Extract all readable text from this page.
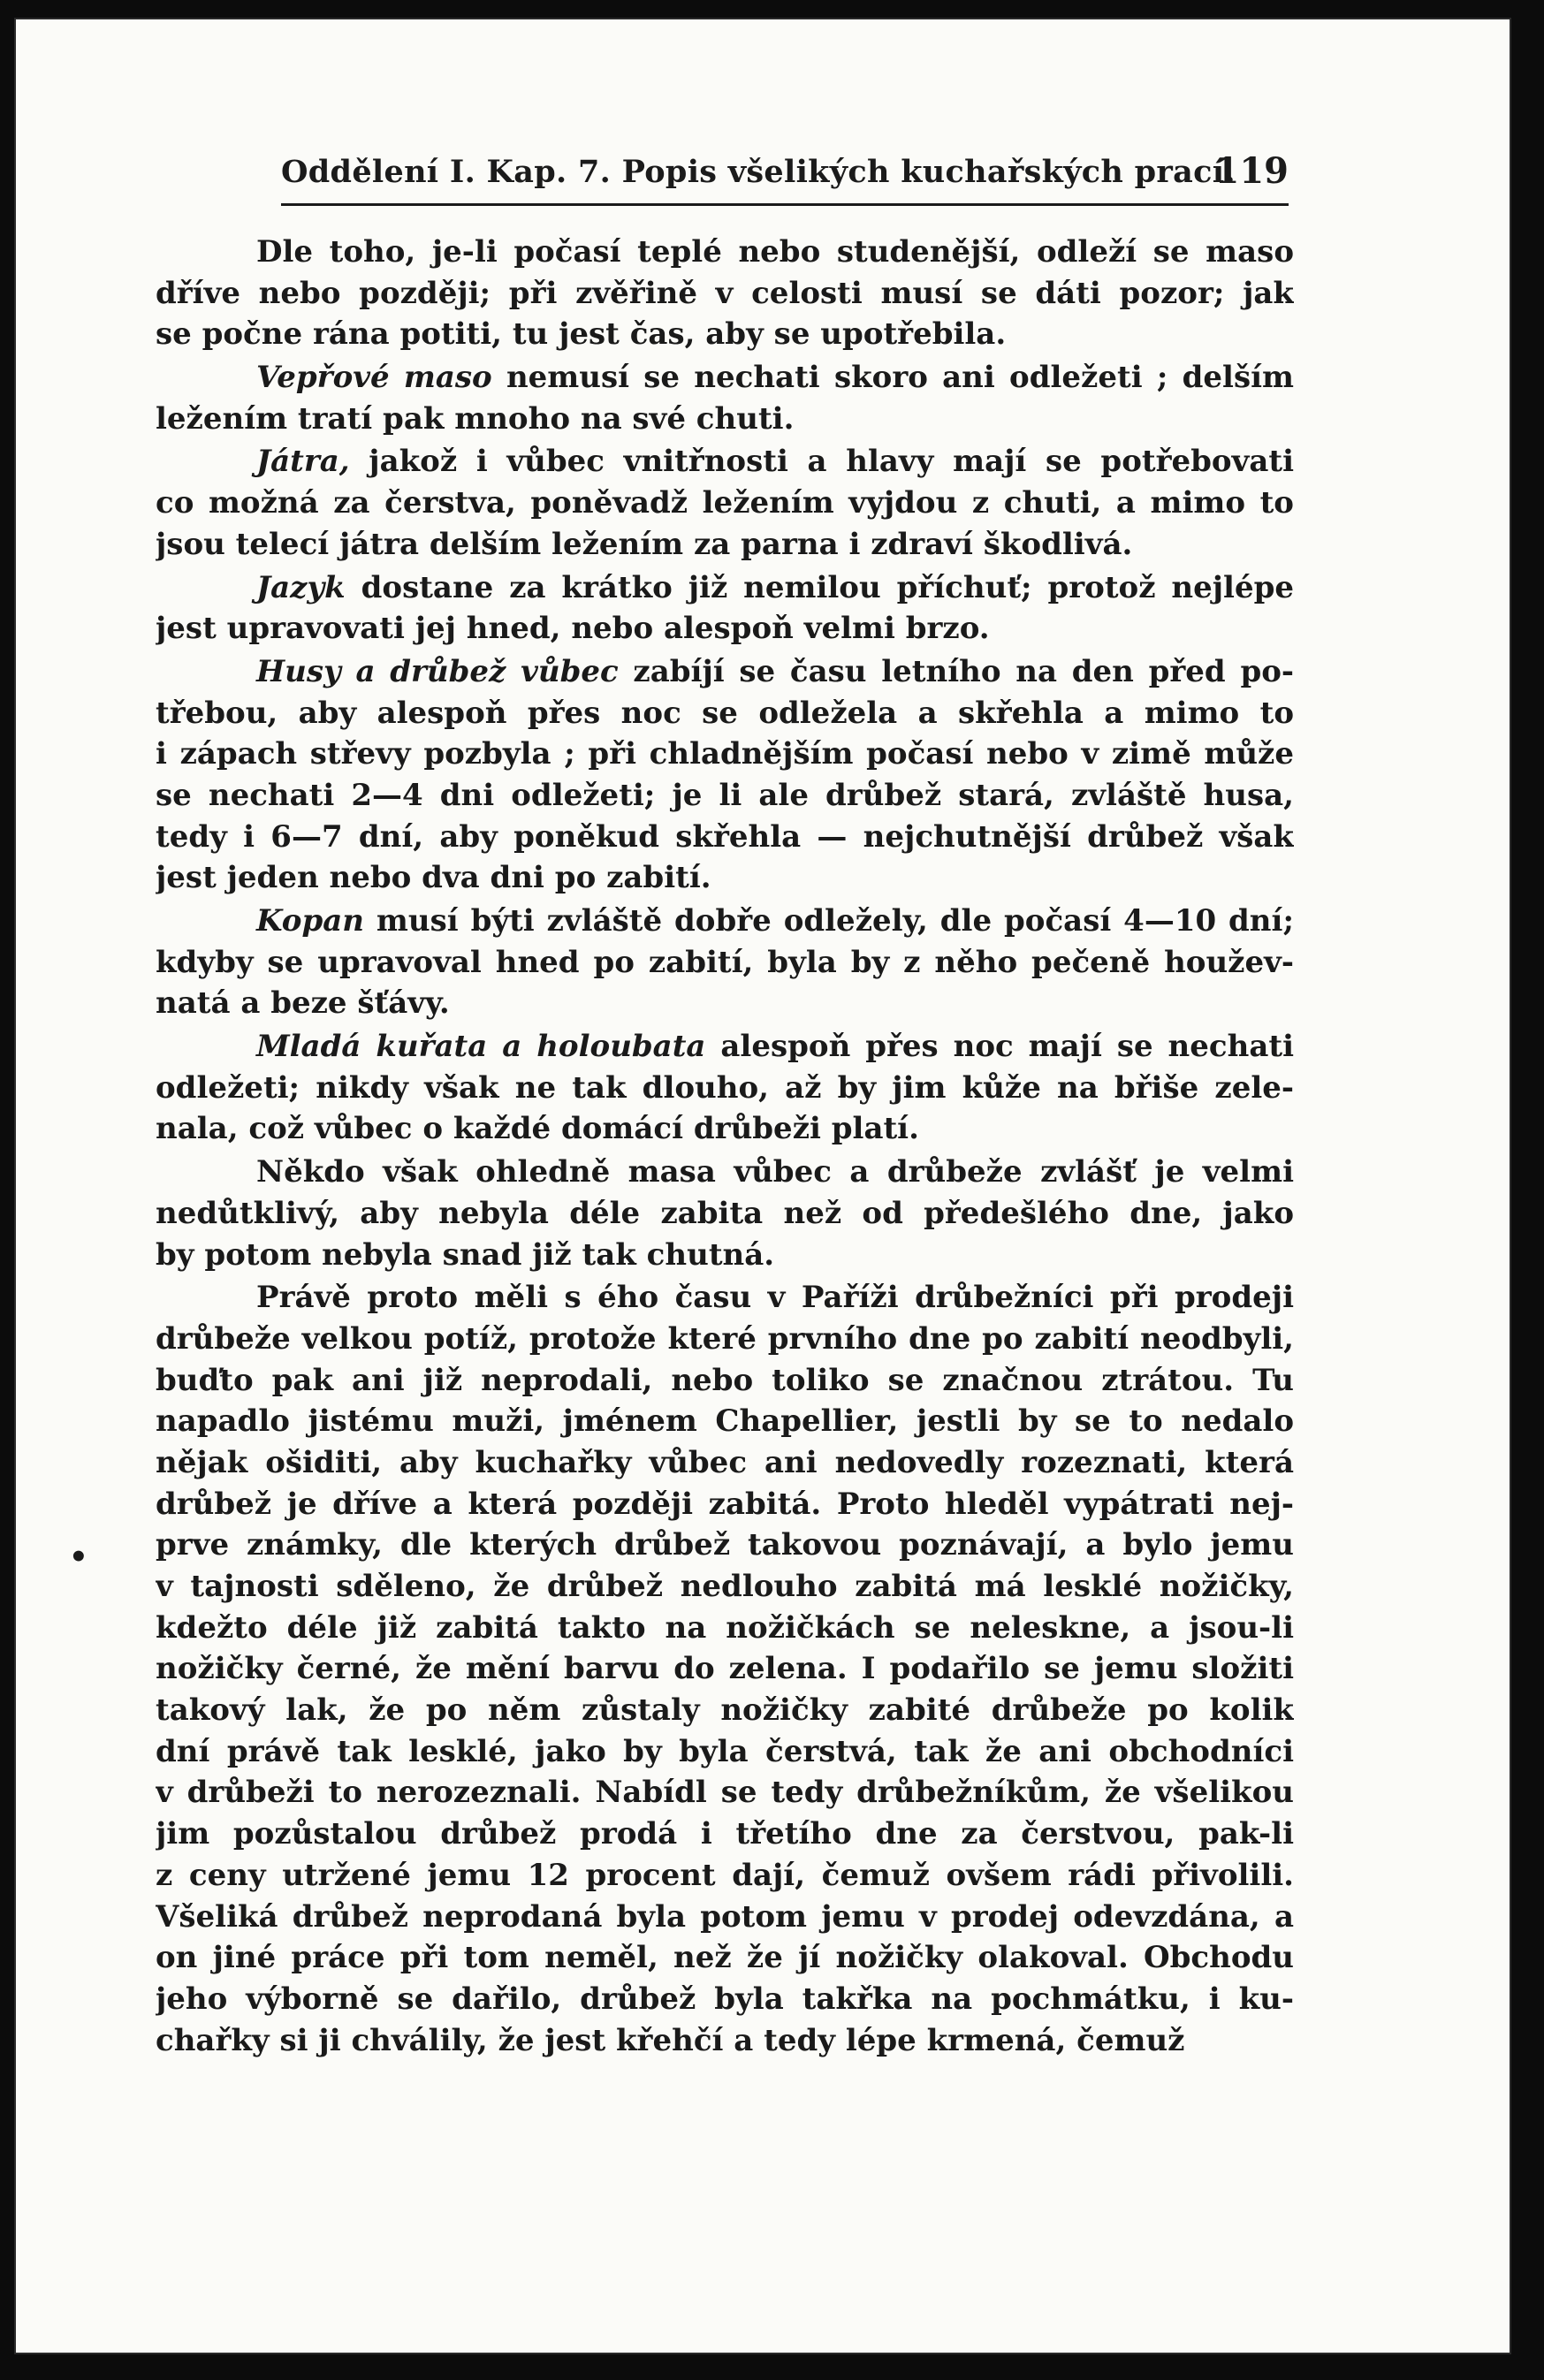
Oddělení I. Kap. 7. Popis všelikých kuchařských prací.
119
Dle toho, je-li počasí teplé nebo studenější, odleží se maso
dříve nebo později; při zvěřině v celosti musí se dáti pozor; jak
se počne rána potiti, tu jest čas, aby se upotřebila.
Vepřové maso nemusí se nechati skoro ani odležeti ; delším
ležením tratí pak mnoho na své chuti.
Játra, jakož i vůbec vnitřnosti a hlavy mají se potřebovati
co možná za čerstva, poněvadž ležením vyjdou z chuti, a mimo to
jsou telecí játra delším ležením za parna i zdraví škodlivá.
Jazyk dostane za krátko již nemilou příchuť; protož nejlépe
jest upravovati jej hned, nebo alespoň velmi brzo.
Husy a drůbež vůbec zabíjí se času letního na den před po-
třebou, aby alespoň přes noc se odležela a skřehla a mimo to
i zápach střevy pozbyla ; při chladnějším počasí nebo v zimě může
se nechati 2—4 dni odležeti; je li ale drůbež stará, zvláště husa,
tedy i 6—7 dní, aby poněkud skřehla — nejchutnější drůbež však
jest jeden nebo dva dni po zabití.
Kopan musí býti zvláště dobře odležely, dle počasí 4—10 dní;
kdyby se upravoval hned po zabití, byla by z něho pečeně houžev-
natá a beze šťávy.
Mladá kuřata a holoubata alespoň přes noc mají se nechati
odležeti; nikdy však ne tak dlouho, až by jim kůže na břiše zele-
nala, což vůbec o každé domácí drůbeži platí.
Někdo však ohledně masa vůbec a drůbeže zvlášť je velmi
nedůtklivý, aby nebyla déle zabita než od předešlého dne, jako
by potom nebyla snad již tak chutná.
Právě proto měli s ého času v Paříži drůbežníci při prodeji
drůbeže velkou potíž, protože které prvního dne po zabití neodbyli,
buďto pak ani již neprodali, nebo toliko se značnou ztrátou. Tu
napadlo jistému muži, jménem Chapellier, jestli by se to nedalo
nějak ošiditi, aby kuchařky vůbec ani nedovedly rozeznati, která
drůbež je dříve a která později zabitá. Proto hleděl vypátrati nej-
prve známky, dle kterých drůbež takovou poznávají, a bylo jemu
v tajnosti sděleno, že drůbež nedlouho zabitá má lesklé nožičky,
kdežto déle již zabitá takto na nožičkách se neleskne, a jsou-li
nožičky černé, že mění barvu do zelena. I podařilo se jemu složiti
takový lak, že po něm zůstaly nožičky zabité drůbeže po kolik
dní právě tak lesklé, jako by byla čerstvá, tak že ani obchodníci
v drůbeži to nerozeznali. Nabídl se tedy drůbežníkům, že všelikou
jim pozůstalou drůbež prodá i třetího dne za čerstvou, pak-li
z ceny utržené jemu 12 procent dají, čemuž ovšem rádi přivolili.
Všeliká drůbež neprodaná byla potom jemu v prodej odevzdána, a
on jiné práce při tom neměl, než že jí nožičky olakoval. Obchodu
jeho výborně se dařilo, drůbež byla takřka na pochmátku, i ku-
chařky si ji chválily, že jest křehčí a tedy lépe krmená, čemuž
•
